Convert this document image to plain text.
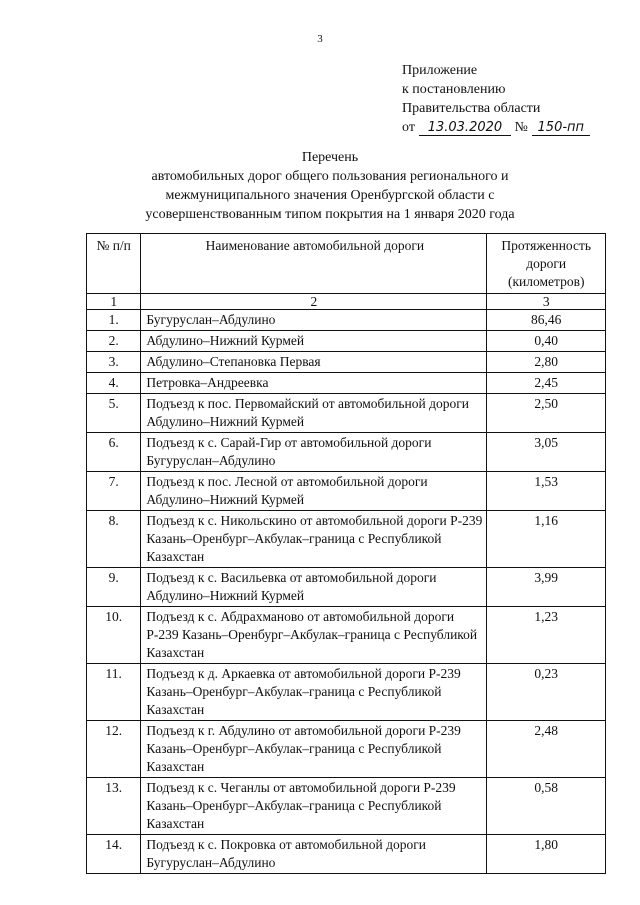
3
Приложение
к постановлению
Правительства области
от 13.03.2020 № 150-пп
Перечень
автомобильных дорог общего пользования регионального и
межмуниципального значения Оренбургской области с
усовершенствованным типом покрытия на 1 января 2020 года
№ п/п	Наименование автомобильной дороги	Протяженность дороги (километров)
1	2	3
1.	Бугуруслан–Абдулино	86,46
2.	Абдулино–Нижний Курмей	0,40
3.	Абдулино–Степановка Первая	2,80
4.	Петровка–Андреевка	2,45
5.	Подъезд к пос. Первомайский от автомобильной дороги Абдулино–Нижний Курмей	2,50
6.	Подъезд к с. Сарай-Гир от автомобильной дороги Бугуруслан–Абдулино	3,05
7.	Подъезд к пос. Лесной от автомобильной дороги Абдулино–Нижний Курмей	1,53
8.	Подъезд к с. Никольскино от автомобильной дороги Р-239 Казань–Оренбург–Акбулак–граница с Республикой Казахстан	1,16
9.	Подъезд к с. Васильевка от автомобильной дороги Абдулино–Нижний Курмей	3,99
10.	Подъезд к с. Абдрахманово от автомобильной дороги Р-239 Казань–Оренбург–Акбулак–граница с Республикой Казахстан	1,23
11.	Подъезд к д. Аркаевка от автомобильной дороги Р-239 Казань–Оренбург–Акбулак–граница с Республикой Казахстан	0,23
12.	Подъезд к г. Абдулино от автомобильной дороги Р-239 Казань–Оренбург–Акбулак–граница с Республикой Казахстан	2,48
13.	Подъезд к с. Чеганлы от автомобильной дороги Р-239 Казань–Оренбург–Акбулак–граница с Республикой Казахстан	0,58
14.	Подъезд к с. Покровка от автомобильной дороги Бугуруслан–Абдулино	1,80
